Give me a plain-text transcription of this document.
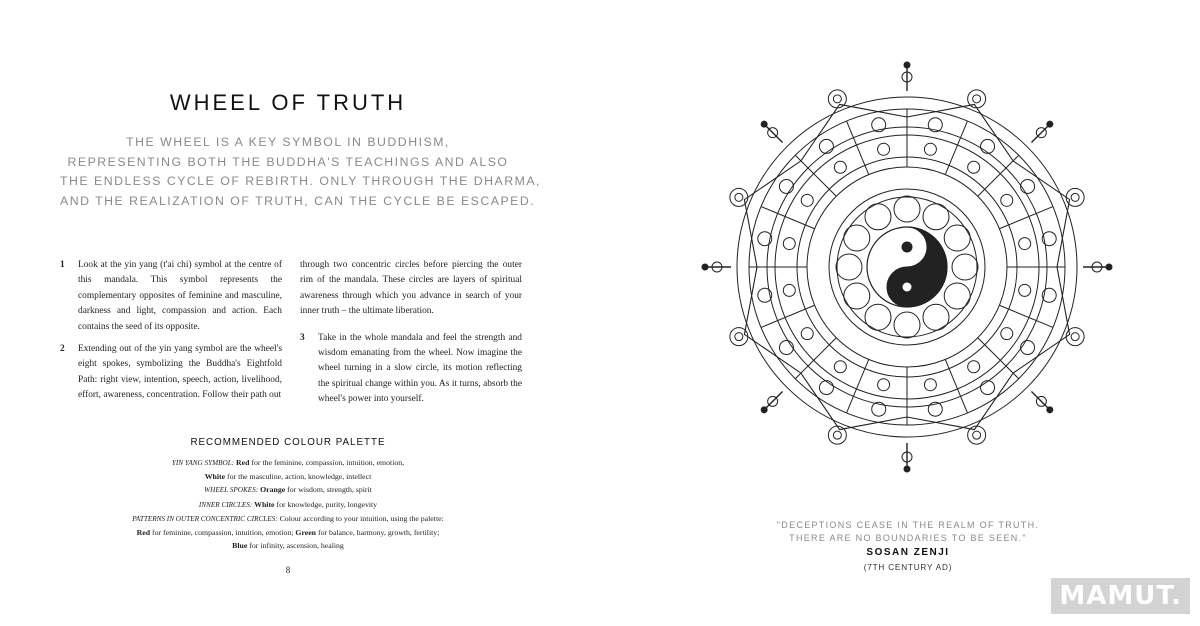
WHEEL OF TRUTH
THE WHEEL IS A KEY SYMBOL IN BUDDHISM,
REPRESENTING BOTH THE BUDDHA'S TEACHINGS AND ALSO
THE ENDLESS CYCLE OF REBIRTH. ONLY THROUGH THE DHARMA,
AND THE REALIZATION OF TRUTH, CAN THE CYCLE BE ESCAPED.
1 Look at the yin yang (t'ai chi) symbol at the centre of this mandala. This symbol represents the complementary opposites of feminine and masculine, darkness and light, compassion and action. Each contains the seed of its opposite.

2 Extending out of the yin yang symbol are the wheel's eight spokes, symbolizing the Buddha's Eightfold Path: right view, intention, speech, action, livelihood, effort, awareness, concentration. Follow their path out

through two concentric circles before piercing the outer rim of the mandala. These circles are layers of spiritual awareness through which you advance in search of your inner truth – the ultimate liberation.

3 Take in the whole mandala and feel the strength and wisdom emanating from the wheel. Now imagine the wheel turning in a slow circle, its motion reflecting the spiritual change within you. As it turns, absorb the wheel's power into yourself.

RECOMMENDED COLOUR PALETTE
YIN YANG SYMBOL: Red for the feminine, compassion, intuition, emotion,
White for the masculine, action, knowledge, intellect
WHEEL SPOKES: Orange for wisdom, strength, spirit
INNER CIRCLES: White for knowledge, purity, longevity
PATTERNS IN OUTER CONCENTRIC CIRCLES: Colour according to your intuition, using the palette:
Red for feminine, compassion, intuition, emotion; Green for balance, harmony, growth, fertility;
Blue for infinity, ascension, healing
8
"DECEPTIONS CEASE IN THE REALM OF TRUTH.
THERE ARE NO BOUNDARIES TO BE SEEN."
SOSAN ZENJI
(7TH CENTURY AD)
MAMUT.
